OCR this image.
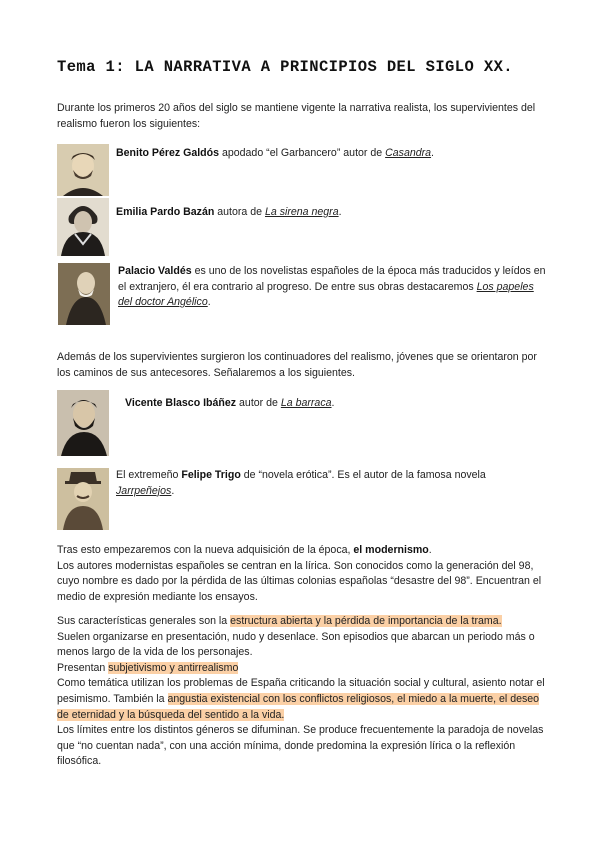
Tema 1: LA NARRATIVA A PRINCIPIOS DEL SIGLO XX.
Durante los primeros 20 años del siglo se mantiene vigente la narrativa realista, los supervivientes del realismo fueron los siguientes:
Benito Pérez Galdós apodado “el Garbancero” autor de Casandra.
Emilia Pardo Bazán autora de La sirena negra.
Palacio Valdés es uno de los novelistas españoles de la época más traducidos y leídos en el extranjero, él era contrario al progreso. De entre sus obras destacaremos Los papeles del doctor Angélico.
Además de los supervivientes surgieron los continuadores del realismo, jóvenes que se orientaron por los caminos de sus antecesores. Señalaremos a los siguientes.
Vicente Blasco Ibáñez autor de La barraca.
El extremeño Felipe Trigo de “novela erótica”. Es el autor de la famosa novela Jarrpeñejos.
Tras esto empezaremos con la nueva adquisición de la época, el modernismo.
Los autores modernistas españoles se centran en la lírica. Son conocidos como la generación del 98, cuyo nombre es dado por la pérdida de las últimas colonias españolas “desastre del 98”. Encuentran el medio de expresión mediante los ensayos.
Sus características generales son la estructura abierta y la pérdida de importancia de la trama.
Suelen organizarse en presentación, nudo y desenlace. Son episodios que abarcan un periodo más o menos largo de la vida de los personajes.
Presentan subjetivismo y antirrealismo
Como temática utilizan los problemas de España criticando la situación social y cultural, asiento notar el pesimismo. También la angustia existencial con los conflictos religiosos, el miedo a la muerte, el deseo de eternidad y la búsqueda del sentido a la vida.
Los límites entre los distintos géneros se difuminan. Se produce frecuentemente la paradoja de novelas que “no cuentan nada”, con una acción mínima, donde predomina la expresión lírica o la reflexión filosófica.
